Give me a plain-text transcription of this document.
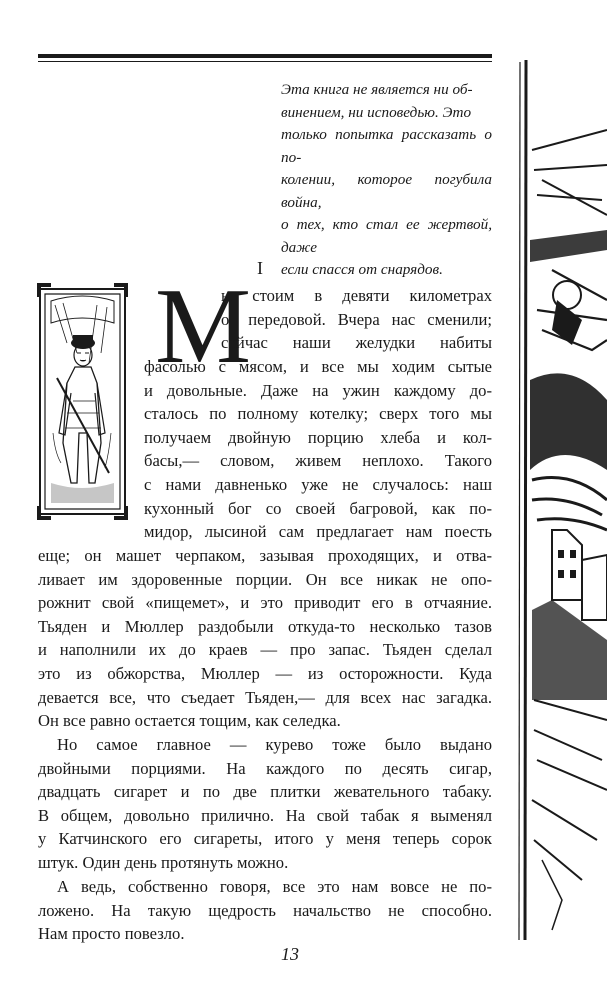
Эта книга не является ни об-
винением, ни исповедью. Это
только попытка рассказать о по-
колении, которое погубила война,
о тех, кто стал ее жертвой, даже
если спасся от снарядов.
I
М
ы стоим в девяти километрах
от передовой. Вчера нас сменили;
сейчас наши желудки набиты
фасолью с мясом, и все мы ходим сытые
и довольные. Даже на ужин каждому до-
сталось по полному котелку; сверх того мы
получаем двойную порцию хлеба и кол-
басы,— словом, живем неплохо. Такого
с нами давненько уже не случалось: наш
кухонный бог со своей багровой, как по-
мидор, лысиной сам предлагает нам поесть
еще; он машет черпаком, зазывая проходящих, и отва-
ливает им здоровенные порции. Он все никак не опо-
рожнит свой «пищемет», и это приводит его в отчаяние.
Тьяден и Мюллер раздобыли откуда-то несколько тазов
и наполнили их до краев — про запас. Тьяден сделал
это из обжорства, Мюллер — из осторожности. Куда
девается все, что съедает Тьяден,— для всех нас загадка.
Он все равно остается тощим, как селедка.
Но самое главное — курево тоже было выдано
двойными порциями. На каждого по десять сигар,
двадцать сигарет и по две плитки жевательного табаку.
В общем, довольно прилично. На свой табак я выменял
у Катчинского его сигареты, итого у меня теперь сорок
штук. Один день протянуть можно.
А ведь, собственно говоря, все это нам вовсе не по-
ложено. На такую щедрость начальство не способно.
Нам просто повезло.
13
